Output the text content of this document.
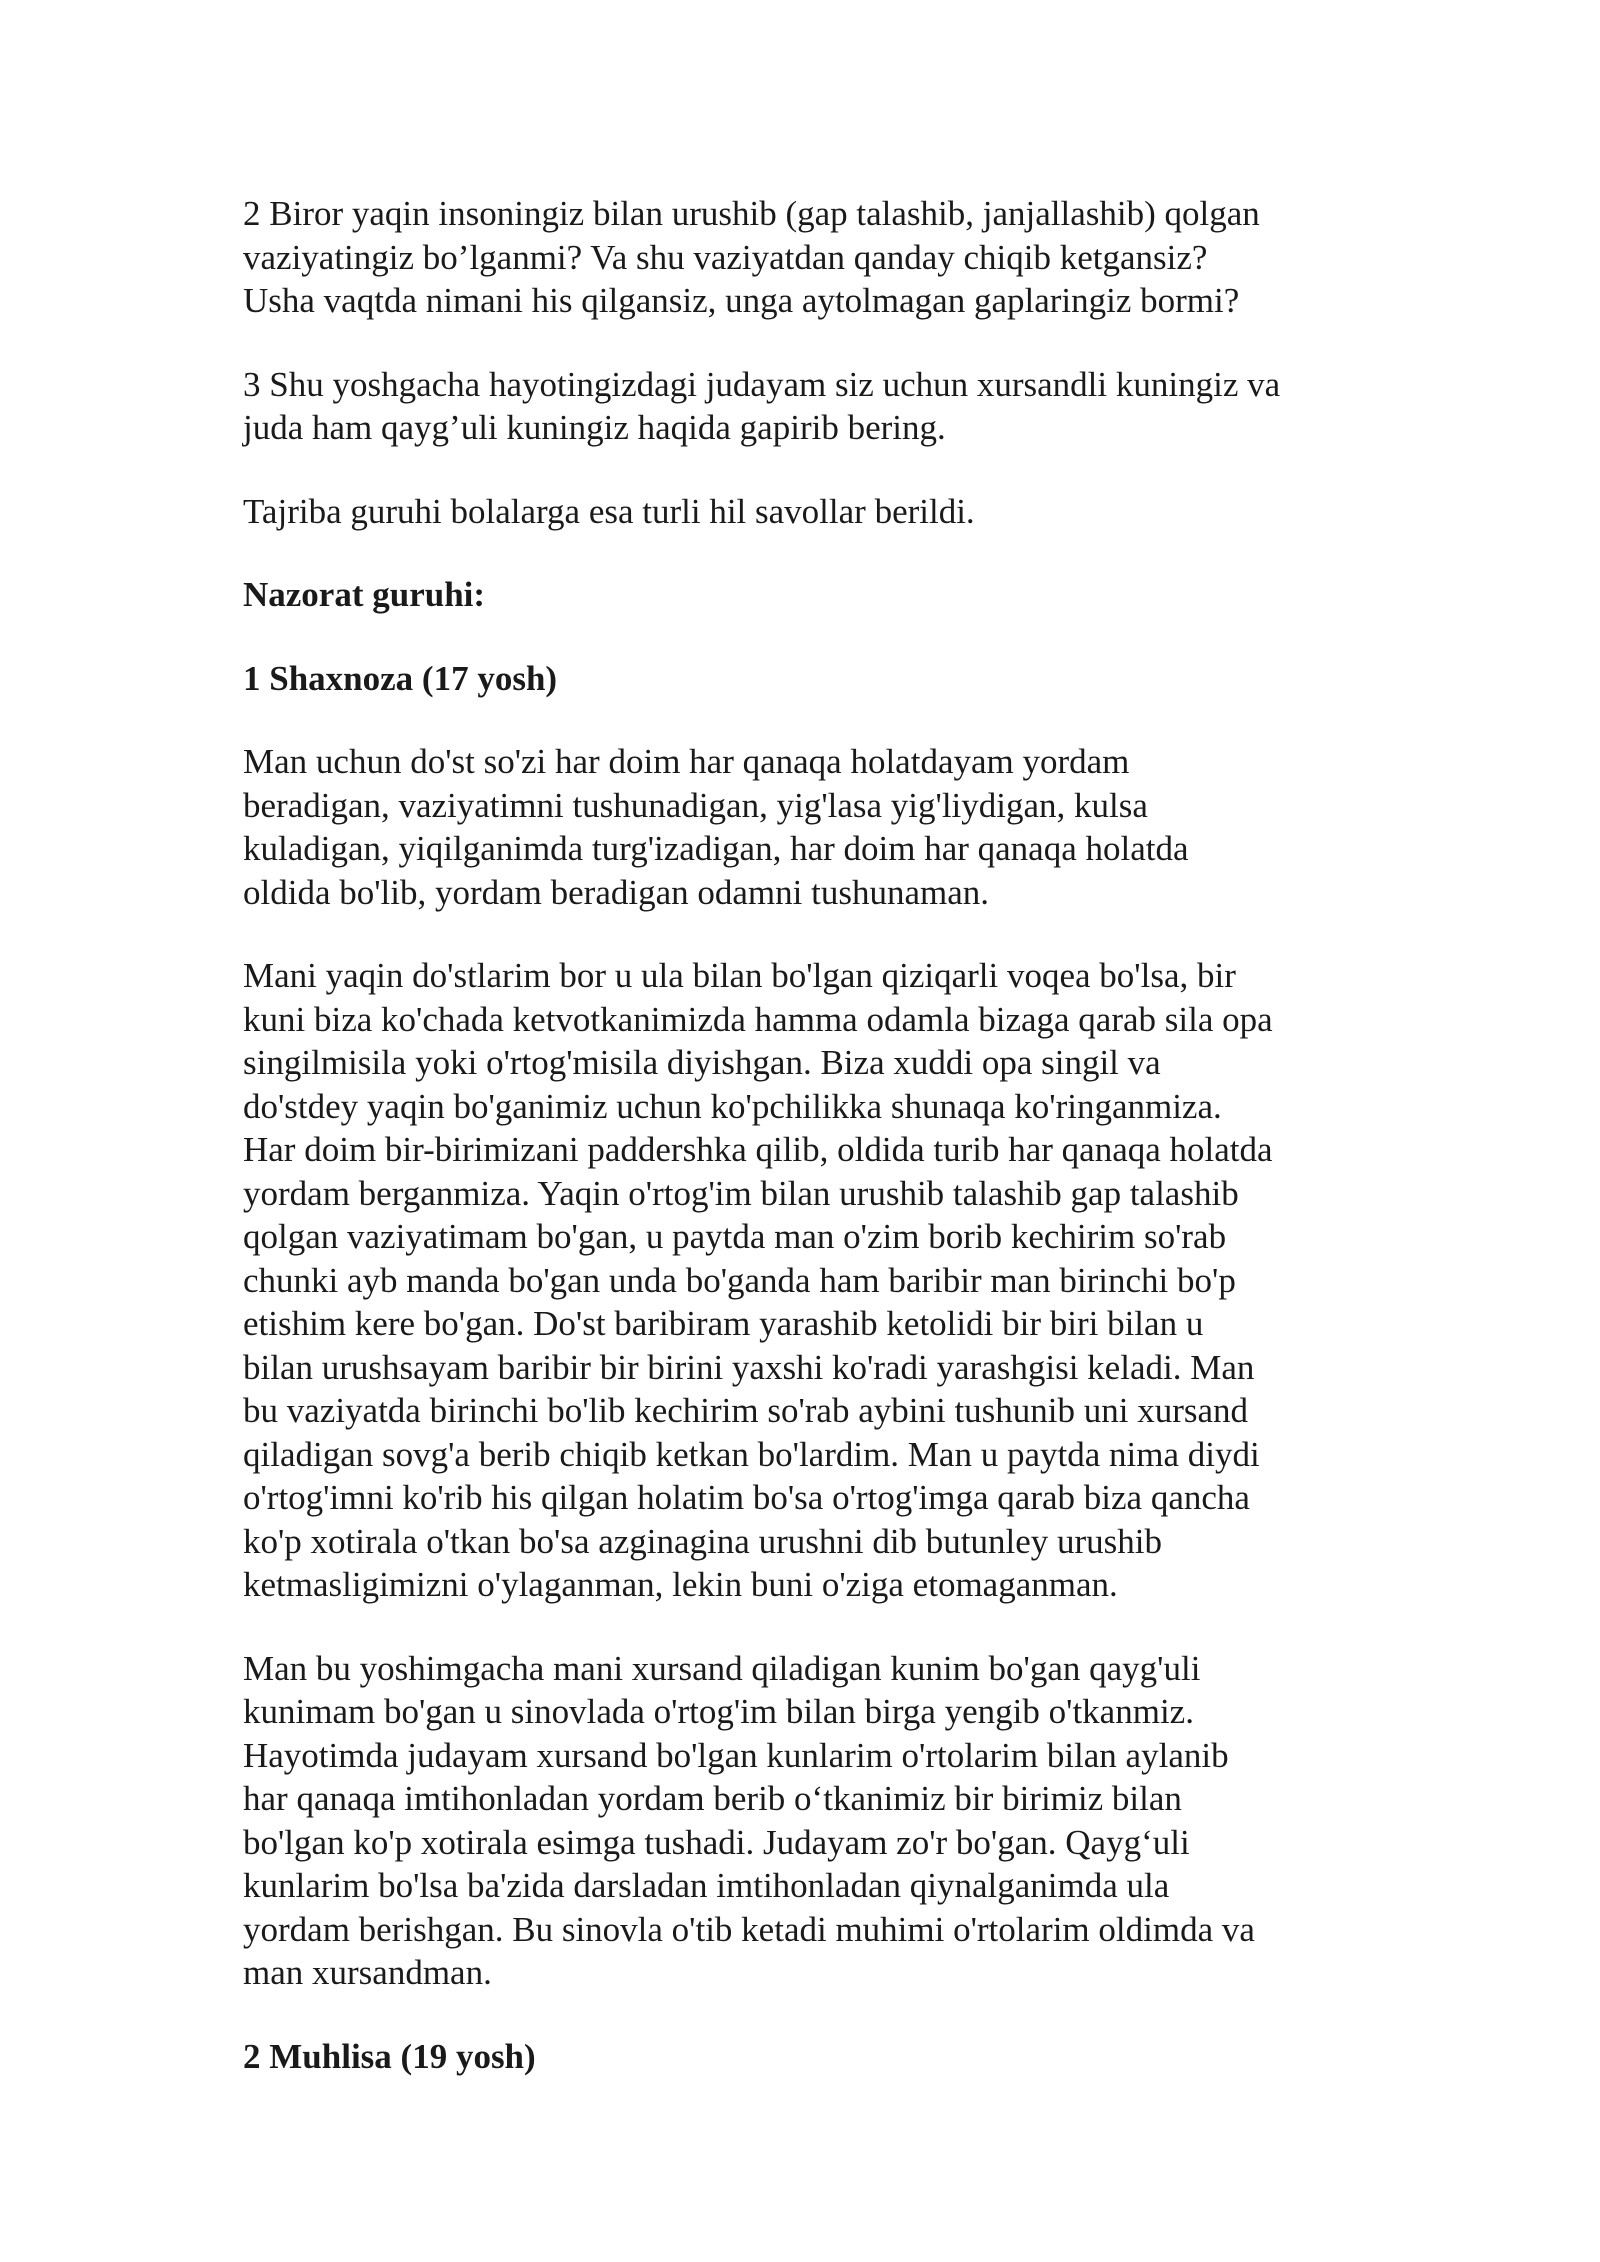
2 Biror yaqin insoningiz bilan urushib (gap talashib, janjallashib) qolgan
vaziyatingiz bo’lganmi? Va shu vaziyatdan qanday chiqib ketgansiz?
Usha vaqtda nimani his qilgansiz, unga aytolmagan gaplaringiz bormi?

3 Shu yoshgacha hayotingizdagi judayam siz uchun xursandli kuningiz va
juda ham qayg’uli kuningiz haqida gapirib bering.

Tajriba guruhi bolalarga esa turli hil savollar berildi.

Nazorat guruhi:

1 Shaxnoza (17 yosh)

Man uchun do'st so'zi har doim har qanaqa holatdayam yordam
beradigan, vaziyatimni tushunadigan, yig'lasa yig'liydigan, kulsa
kuladigan, yiqilganimda turg'izadigan, har doim har qanaqa holatda
oldida bo'lib, yordam beradigan odamni tushunaman.

Mani yaqin do'stlarim bor u ula bilan bo'lgan qiziqarli voqea bo'lsa, bir
kuni biza ko'chada ketvotkanimizda hamma odamla bizaga qarab sila opa
singilmisila yoki o'rtog'misila diyishgan. Biza xuddi opa singil va
do'stdey yaqin bo'ganimiz uchun ko'pchilikka shunaqa ko'ringanmiza.
Har doim bir-birimizani paddershka qilib, oldida turib har qanaqa holatda
yordam berganmiza. Yaqin o'rtog'im bilan urushib talashib gap talashib
qolgan vaziyatimam bo'gan, u paytda man o'zim borib kechirim so'rab
chunki ayb manda bo'gan unda bo'ganda ham baribir man birinchi bo'p
etishim kere bo'gan. Do'st baribiram yarashib ketolidi bir biri bilan u
bilan urushsayam baribir bir birini yaxshi ko'radi yarashgisi keladi. Man
bu vaziyatda birinchi bo'lib kechirim so'rab aybini tushunib uni xursand
qiladigan sovg'a berib chiqib ketkan bo'lardim. Man u paytda nima diydi
o'rtog'imni ko'rib his qilgan holatim bo'sa o'rtog'imga qarab biza qancha
ko'p xotirala o'tkan bo'sa azginagina urushni dib butunley urushib
ketmasligimizni o'ylaganman, lekin buni o'ziga etomaganman.

Man bu yoshimgacha mani xursand qiladigan kunim bo'gan qayg'uli
kunimam bo'gan u sinovlada o'rtog'im bilan birga yengib o'tkanmiz.
Hayotimda judayam xursand bo'lgan kunlarim o'rtolarim bilan aylanib
har qanaqa imtihonladan yordam berib o‘tkanimiz bir birimiz bilan
bo'lgan ko'p xotirala esimga tushadi. Judayam zo'r bo'gan. Qayg‘uli
kunlarim bo'lsa ba'zida darsladan imtihonladan qiynalganimda ula
yordam berishgan. Bu sinovla o'tib ketadi muhimi o'rtolarim oldimda va
man xursandman.

2 Muhlisa (19 yosh)
